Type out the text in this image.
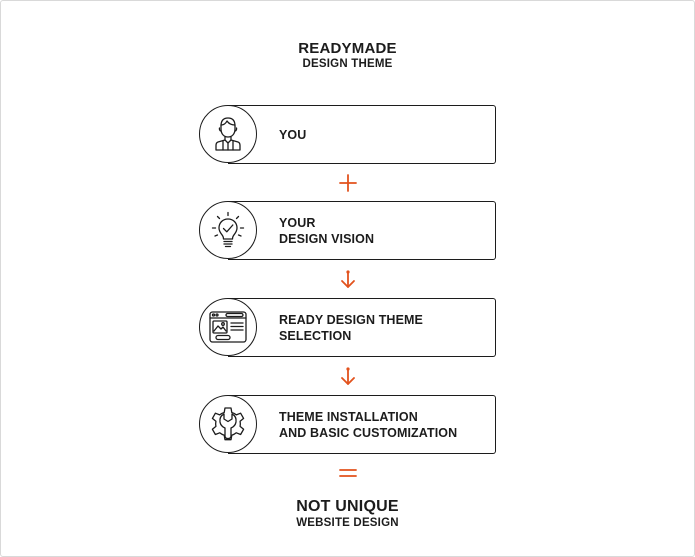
READYMADE
DESIGN THEME
YOU
YOUR
DESIGN VISION
READY DESIGN THEME
SELECTION
THEME INSTALLATION
AND BASIC CUSTOMIZATION
NOT UNIQUE
WEBSITE DESIGN
